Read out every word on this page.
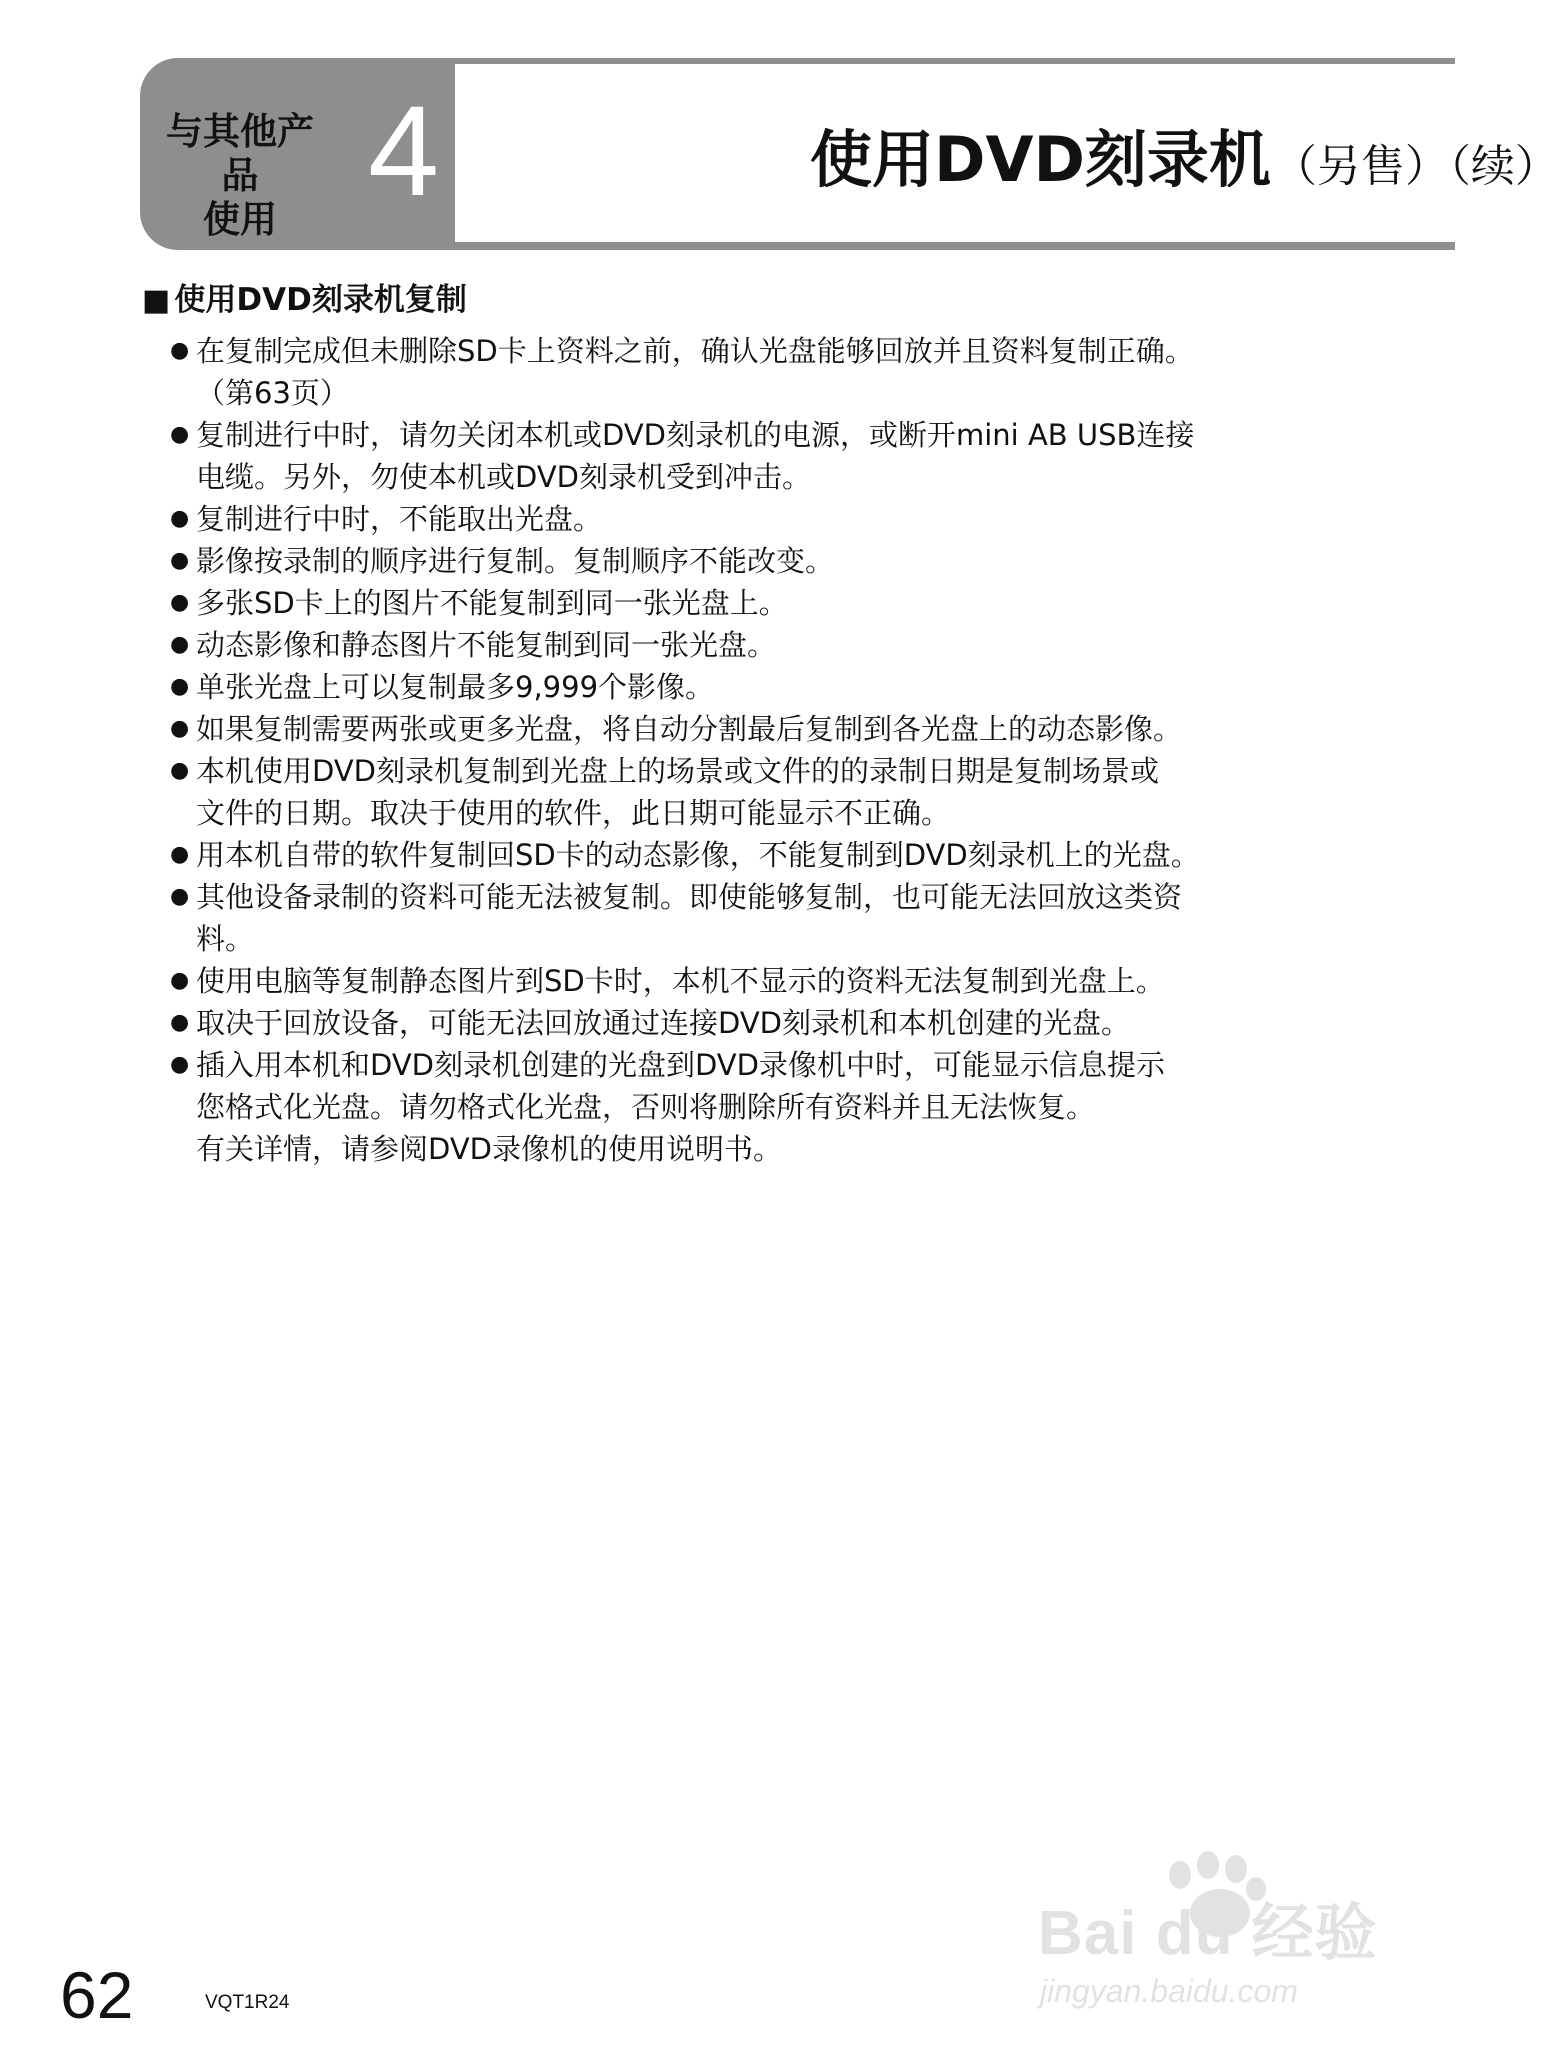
与其他产品
使用 4	使用DVD刻录机（另售）（续）
■ 使用DVD刻录机复制
● 在复制完成但未删除SD卡上资料之前，确认光盘能够回放并且资料复制正确。
（第63页）
● 复制进行中时，请勿关闭本机或DVD刻录机的电源，或断开mini AB USB连接
电缆。另外，勿使本机或DVD刻录机受到冲击。
● 复制进行中时，不能取出光盘。
● 影像按录制的顺序进行复制。复制顺序不能改变。
● 多张SD卡上的图片不能复制到同一张光盘上。
● 动态影像和静态图片不能复制到同一张光盘。
● 单张光盘上可以复制最多9,999个影像。
● 如果复制需要两张或更多光盘，将自动分割最后复制到各光盘上的动态影像。
● 本机使用DVD刻录机复制到光盘上的场景或文件的的录制日期是复制场景或
文件的日期。取决于使用的软件，此日期可能显示不正确。
● 用本机自带的软件复制回SD卡的动态影像，不能复制到DVD刻录机上的光盘。
● 其他设备录制的资料可能无法被复制。即使能够复制，也可能无法回放这类资
料。
● 使用电脑等复制静态图片到SD卡时，本机不显示的资料无法复制到光盘上。
● 取决于回放设备，可能无法回放通过连接DVD刻录机和本机创建的光盘。
● 插入用本机和DVD刻录机创建的光盘到DVD录像机中时，可能显示信息提示
您格式化光盘。请勿格式化光盘，否则将删除所有资料并且无法恢复。
有关详情，请参阅DVD录像机的使用说明书。
62	VQT1R24
Bai du 经验
jingyan.baidu.com
